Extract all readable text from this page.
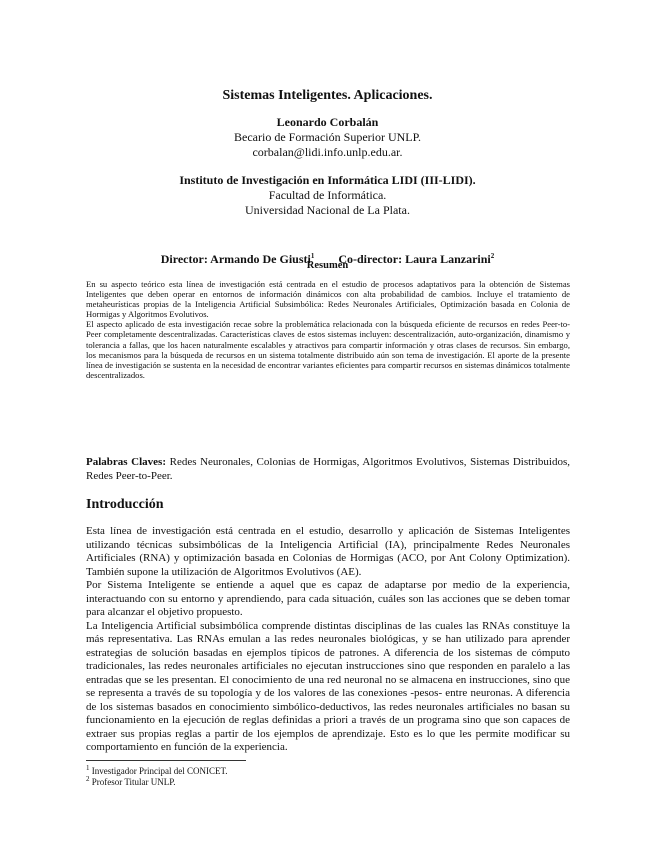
Sistemas Inteligentes. Aplicaciones.
Leonardo Corbalán
Becario de Formación Superior UNLP.
corbalan@lidi.info.unlp.edu.ar.
Instituto de Investigación en Informática LIDI (III-LIDI).
Facultad de Informática.
Universidad Nacional de La Plata.
Director: Armando De Giusti$^1$ Co-director: Laura Lanzarini$^2$
Resumen

En su aspecto teórico esta línea de investigación está centrada en el estudio de procesos adaptativos para la obtención de Sistemas Inteligentes que deben operar en entornos de información dinámicos con alta probabilidad de cambios. Incluye el tratamiento de metaheurísticas propias de la Inteligencia Artificial Subsimbólica: Redes Neuronales Artificiales, Optimización basada en Colonia de Hormigas y Algoritmos Evolutivos.

El aspecto aplicado de esta investigación recae sobre la problemática relacionada con la búsqueda eficiente de recursos en redes Peer-to-Peer completamente descentralizadas. Características claves de estos sistemas incluyen: descentralización, auto-organización, dinamismo y tolerancia a fallas, que los hacen naturalmente escalables y atractivos para compartir información y otras clases de recursos. Sin embargo, los mecanismos para la búsqueda de recursos en un sistema totalmente distribuido aún son tema de investigación. El aporte de la presente línea de investigación se sustenta en la necesidad de encontrar variantes eficientes para compartir recursos en sistemas dinámicos totalmente descentralizados.

Palabras Claves: Redes Neuronales, Colonias de Hormigas, Algoritmos Evolutivos, Sistemas Distribuidos, Redes Peer-to-Peer.
Introducción

Esta línea de investigación está centrada en el estudio, desarrollo y aplicación de Sistemas Inteligentes utilizando técnicas subsimbólicas de la Inteligencia Artificial (IA), principalmente Redes Neuronales Artificiales (RNA) y optimización basada en Colonias de Hormigas (ACO, por Ant Colony Optimization). También supone la utilización de Algoritmos Evolutivos (AE).

Por Sistema Inteligente se entiende a aquel que es capaz de adaptarse por medio de la experiencia, interactuando con su entorno y aprendiendo, para cada situación, cuáles son las acciones que se deben tomar para alcanzar el objetivo propuesto.

La Inteligencia Artificial subsimbólica comprende distintas disciplinas de las cuales las RNAs constituye la más representativa. Las RNAs emulan a las redes neuronales biológicas, y se han utilizado para aprender estrategias de solución basadas en ejemplos típicos de patrones. A diferencia de los sistemas de cómputo tradicionales, las redes neuronales artificiales no ejecutan instrucciones sino que responden en paralelo a las entradas que se les presentan. El conocimiento de una red neuronal no se almacena en instrucciones, sino que se representa a través de su topología y de los valores de las conexiones -pesos- entre neuronas. A diferencia de los sistemas basados en conocimiento simbólico-deductivos, las redes neuronales artificiales no basan su funcionamiento en la ejecución de reglas definidas a priori a través de un programa sino que son capaces de extraer sus propias reglas a partir de los ejemplos de aprendizaje. Esto es lo que les permite modificar su comportamiento en función de la experiencia.

$^1$ Investigador Principal del CONICET.
$^2$ Profesor Titular UNLP.
